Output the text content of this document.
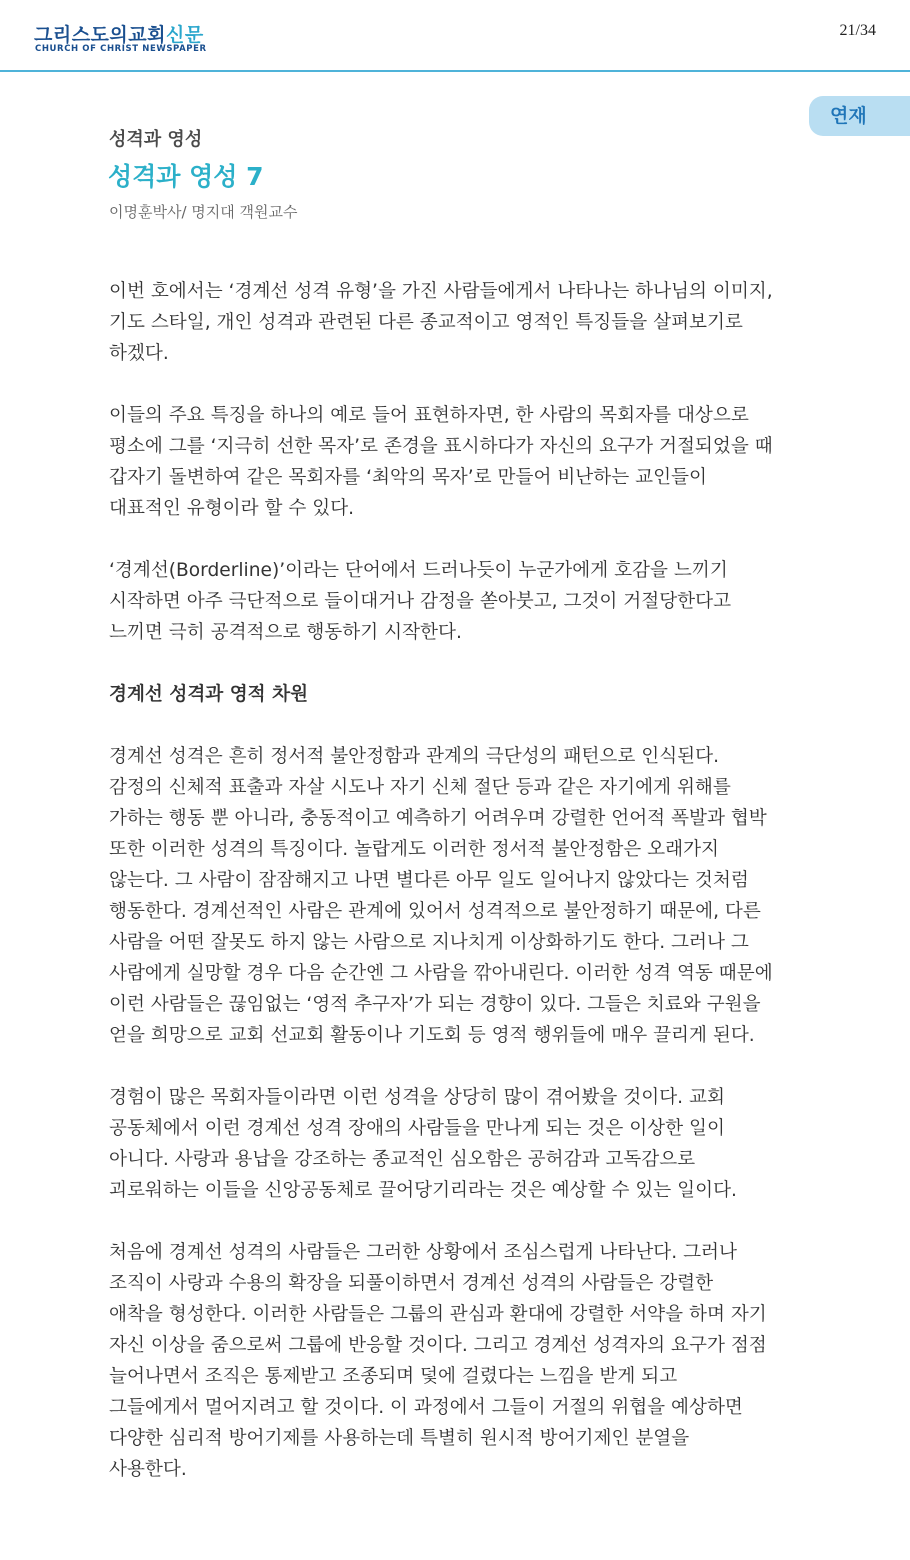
그리스도의교회신문
CHURCH OF CHRIST NEWSPAPER
21/34
연재
성격과 영성
성격과 영성 7
이명훈박사/ 명지대 객원교수

이번 호에서는 ‘경계선 성격 유형’을 가진 사람들에게서 나타나는 하나님의 이미지,
기도 스타일, 개인 성격과 관련된 다른 종교적이고 영적인 특징들을 살펴보기로
하겠다.

이들의 주요 특징을 하나의 예로 들어 표현하자면, 한 사람의 목회자를 대상으로
평소에 그를 ‘지극히 선한 목자’로 존경을 표시하다가 자신의 요구가 거절되었을 때
갑자기 돌변하여 같은 목회자를 ‘최악의 목자’로 만들어 비난하는 교인들이
대표적인 유형이라 할 수 있다.

‘경계선(Borderline)’이라는 단어에서 드러나듯이 누군가에게 호감을 느끼기
시작하면 아주 극단적으로 들이대거나 감정을 쏟아붓고, 그것이 거절당한다고
느끼면 극히 공격적으로 행동하기 시작한다.

경계선 성격과 영적 차원

경계선 성격은 흔히 정서적 불안정함과 관계의 극단성의 패턴으로 인식된다.
감정의 신체적 표출과 자살 시도나 자기 신체 절단 등과 같은 자기에게 위해를
가하는 행동 뿐 아니라, 충동적이고 예측하기 어려우며 강렬한 언어적 폭발과 협박
또한 이러한 성격의 특징이다. 놀랍게도 이러한 정서적 불안정함은 오래가지
않는다. 그 사람이 잠잠해지고 나면 별다른 아무 일도 일어나지 않았다는 것처럼
행동한다. 경계선적인 사람은 관계에 있어서 성격적으로 불안정하기 때문에, 다른
사람을 어떤 잘못도 하지 않는 사람으로 지나치게 이상화하기도 한다. 그러나 그
사람에게 실망할 경우 다음 순간엔 그 사람을 깎아내린다. 이러한 성격 역동 때문에
이런 사람들은 끊임없는 ‘영적 추구자’가 되는 경향이 있다. 그들은 치료와 구원을
얻을 희망으로 교회 선교회 활동이나 기도회 등 영적 행위들에 매우 끌리게 된다.

경험이 많은 목회자들이라면 이런 성격을 상당히 많이 겪어봤을 것이다. 교회
공동체에서 이런 경계선 성격 장애의 사람들을 만나게 되는 것은 이상한 일이
아니다. 사랑과 용납을 강조하는 종교적인 심오함은 공허감과 고독감으로
괴로워하는 이들을 신앙공동체로 끌어당기리라는 것은 예상할 수 있는 일이다.

처음에 경계선 성격의 사람들은 그러한 상황에서 조심스럽게 나타난다. 그러나
조직이 사랑과 수용의 확장을 되풀이하면서 경계선 성격의 사람들은 강렬한
애착을 형성한다. 이러한 사람들은 그룹의 관심과 환대에 강렬한 서약을 하며 자기
자신 이상을 줌으로써 그룹에 반응할 것이다. 그리고 경계선 성격자의 요구가 점점
늘어나면서 조직은 통제받고 조종되며 덫에 걸렸다는 느낌을 받게 되고
그들에게서 멀어지려고 할 것이다. 이 과정에서 그들이 거절의 위협을 예상하면
다양한 심리적 방어기제를 사용하는데 특별히 원시적 방어기제인 분열을
사용한다.
